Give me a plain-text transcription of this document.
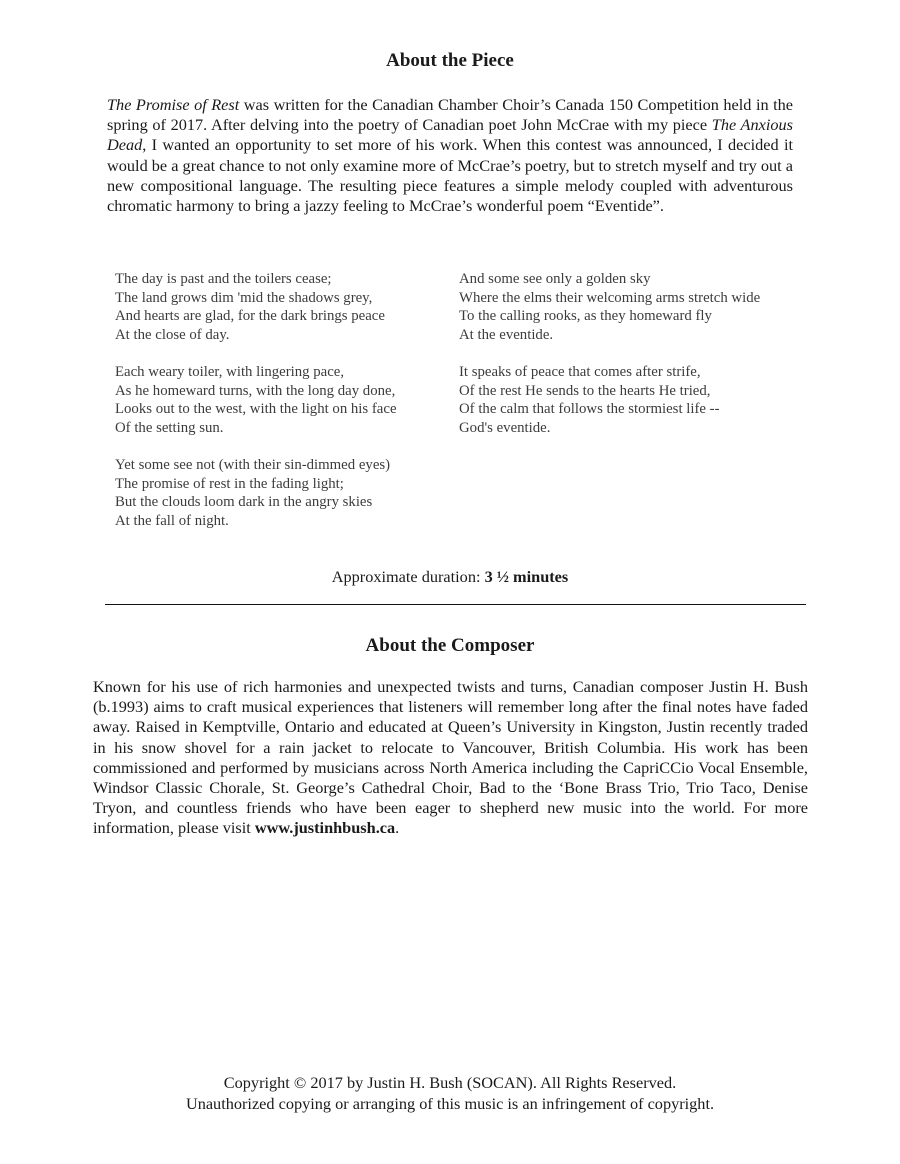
About the Piece

The Promise of Rest was written for the Canadian Chamber Choir’s Canada 150 Competition held in the spring of 2017. After delving into the poetry of Canadian poet John McCrae with my piece The Anxious Dead, I wanted an opportunity to set more of his work. When this contest was announced, I decided it would be a great chance to not only examine more of McCrae’s poetry, but to stretch myself and try out a new compositional language. The resulting piece features a simple melody coupled with adventurous chromatic harmony to bring a jazzy feeling to McCrae’s wonderful poem “Eventide”.

The day is past and the toilers cease;
The land grows dim 'mid the shadows grey,
And hearts are glad, for the dark brings peace
At the close of day.
Each weary toiler, with lingering pace,
As he homeward turns, with the long day done,
Looks out to the west, with the light on his face
Of the setting sun.
Yet some see not (with their sin-dimmed eyes)
The promise of rest in the fading light;
But the clouds loom dark in the angry skies
At the fall of night.
And some see only a golden sky
Where the elms their welcoming arms stretch wide
To the calling rooks, as they homeward fly
At the eventide.
It speaks of peace that comes after strife,
Of the rest He sends to the hearts He tried,
Of the calm that follows the stormiest life --
God's eventide.

Approximate duration: 3 ½ minutes

About the Composer

Known for his use of rich harmonies and unexpected twists and turns, Canadian composer Justin H. Bush (b.1993) aims to craft musical experiences that listeners will remember long after the final notes have faded away. Raised in Kemptville, Ontario and educated at Queen’s University in Kingston, Justin recently traded in his snow shovel for a rain jacket to relocate to Vancouver, British Columbia. His work has been commissioned and performed by musicians across North America including the CapriCCio Vocal Ensemble, Windsor Classic Chorale, St. George’s Cathedral Choir, Bad to the ‘Bone Brass Trio, Trio Taco, Denise Tryon, and countless friends who have been eager to shepherd new music into the world. For more information, please visit www.justinhbush.ca.

Copyright © 2017 by Justin H. Bush (SOCAN). All Rights Reserved.
Unauthorized copying or arranging of this music is an infringement of copyright.
